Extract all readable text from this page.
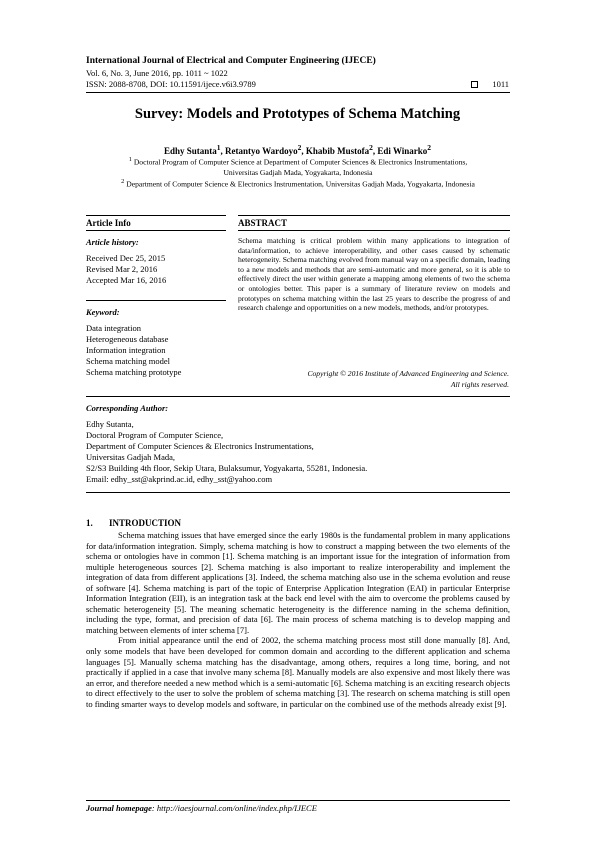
International Journal of Electrical and Computer Engineering (IJECE)
Vol. 6, No. 3, June 2016, pp. 1011 ~ 1022
ISSN: 2088-8708, DOI: 10.11591/ijece.v6i3.9789	1011
Survey: Models and Prototypes of Schema Matching
Edhy Sutanta$^1$, Retantyo Wardoyo$^2$, Khabib Mustofa$^2$, Edi Winarko$^2$
$^1$ Doctoral Program of Computer Science at Department of Computer Sciences & Electronics Instrumentations,
Universitas Gadjah Mada, Yogyakarta, Indonesia
$^2$ Department of Computer Science & Electronics Instrumentation, Universitas Gadjah Mada, Yogyakarta, Indonesia
Article Info	ABSTRACT
Article history:
Received Dec 25, 2015
Revised Mar 2, 2016
Accepted Mar 16, 2016
Keyword:
Data integration
Heterogeneous database
Information integration
Schema matching model
Schema matching prototype
Schema matching is critical problem within many applications to integration of data/information, to achieve interoperability, and other cases caused by schematic heterogeneity. Schema matching evolved from manual way on a specific domain, leading to a new models and methods that are semi-automatic and more general, so it is able to effectively direct the user within generate a mapping among elements of two the schema or ontologies better. This paper is a summary of literature review on models and prototypes on schema matching within the last 25 years to describe the progress of and research chalenge and opportunities on a new models, methods, and/or prototypes.
Copyright © 2016 Institute of Advanced Engineering and Science.
All rights reserved.
Corresponding Author:
Edhy Sutanta,
Doctoral Program of Computer Science,
Department of Computer Sciences & Electronics Instrumentations,
Universitas Gadjah Mada,
S2/S3 Building 4th floor, Sekip Utara, Bulaksumur, Yogyakarta, 55281, Indonesia.
Email: edhy_sst@akprind.ac.id, edhy_sst@yahoo.com
1. INTRODUCTION

Schema matching issues that have emerged since the early 1980s is the fundamental problem in many applications for data/information integration. Simply, schema matching is how to construct a mapping between the two elements of the schema or ontologies have in common [1]. Schema matching is an important issue for the integration of information from multiple heterogeneous sources [2]. Schema matching is also important to realize interoperability and implement the integration of data from different applications [3]. Indeed, the schema matching also use in the schema evolution and reuse of software [4]. Schema matching is part of the topic of Enterprise Application Integration (EAI) in particular Enterprise Information Integration (EII), is an integration task at the back end level with the aim to overcome the problems caused by schematic heterogeneity [5]. The meaning schematic heterogeneity is the difference naming in the schema definition, including the type, format, and precision of data [6]. The main process of schema matching is to develop mapping and matching between elements of inter schema [7].

From initial appearance until the end of 2002, the schema matching process most still done manually [8]. And, only some models that have been developed for common domain and according to the different application and schema languages [5]. Manually schema matching has the disadvantage, among others, requires a long time, boring, and not practically if applied in a case that involve many schema [8]. Manually models are also expensive and most likely there was an error, and therefore needed a new method which is a semi-automatic [6]. Schema matching is an exciting research objects to direct effectively to the user to solve the problem of schema matching [3]. The research on schema matching is still open to finding smarter ways to develop models and software, in particular on the combined use of the methods already exist [9].

Journal homepage: http://iaesjournal.com/online/index.php/IJECE
